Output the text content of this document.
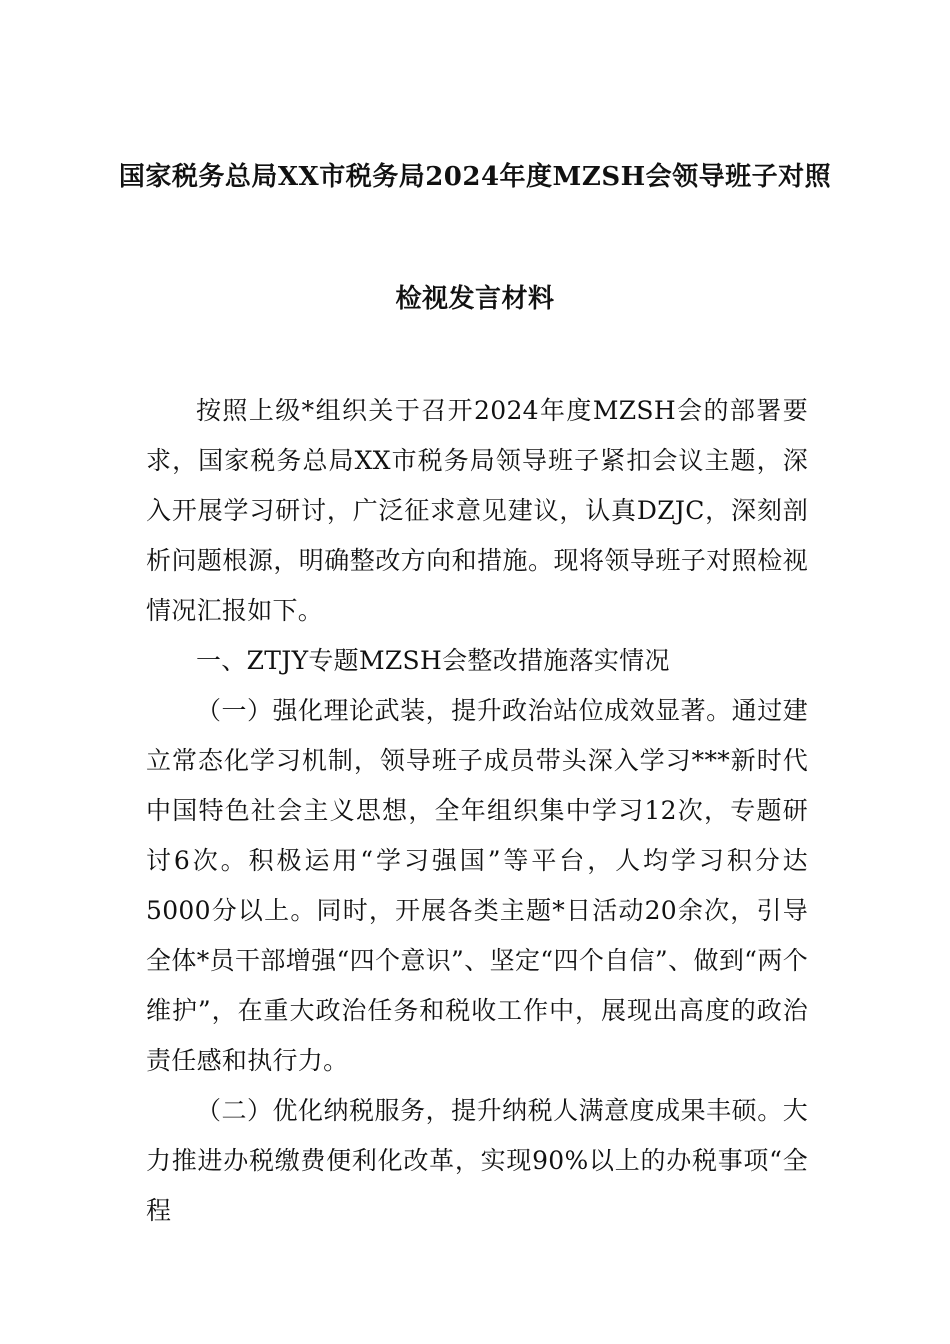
国家税务总局XX市税务局2024年度MZSH会领导班子对照
检视发言材料
按照上级*组织关于召开2024年度MZSH会的部署要求，国家税务总局XX市税务局领导班子紧扣会议主题，深入开展学习研讨，广泛征求意见建议，认真DZJC，深刻剖析问题根源，明确整改方向和措施。现将领导班子对照检视情况汇报如下。
一、ZTJY专题MZSH会整改措施落实情况
（一）强化理论武装，提升政治站位成效显著。通过建立常态化学习机制，领导班子成员带头深入学习***新时代中国特色社会主义思想，全年组织集中学习12次，专题研讨6次。积极运用“学习强国”等平台，人均学习积分达5000分以上。同时，开展各类主题*日活动20余次，引导全体*员干部增强“四个意识”、坚定“四个自信”、做到“两个维护”，在重大政治任务和税收工作中，展现出高度的政治责任感和执行力。
（二）优化纳税服务，提升纳税人满意度成果丰硕。大力推进办税缴费便利化改革，实现90%以上的办税事项“全程
